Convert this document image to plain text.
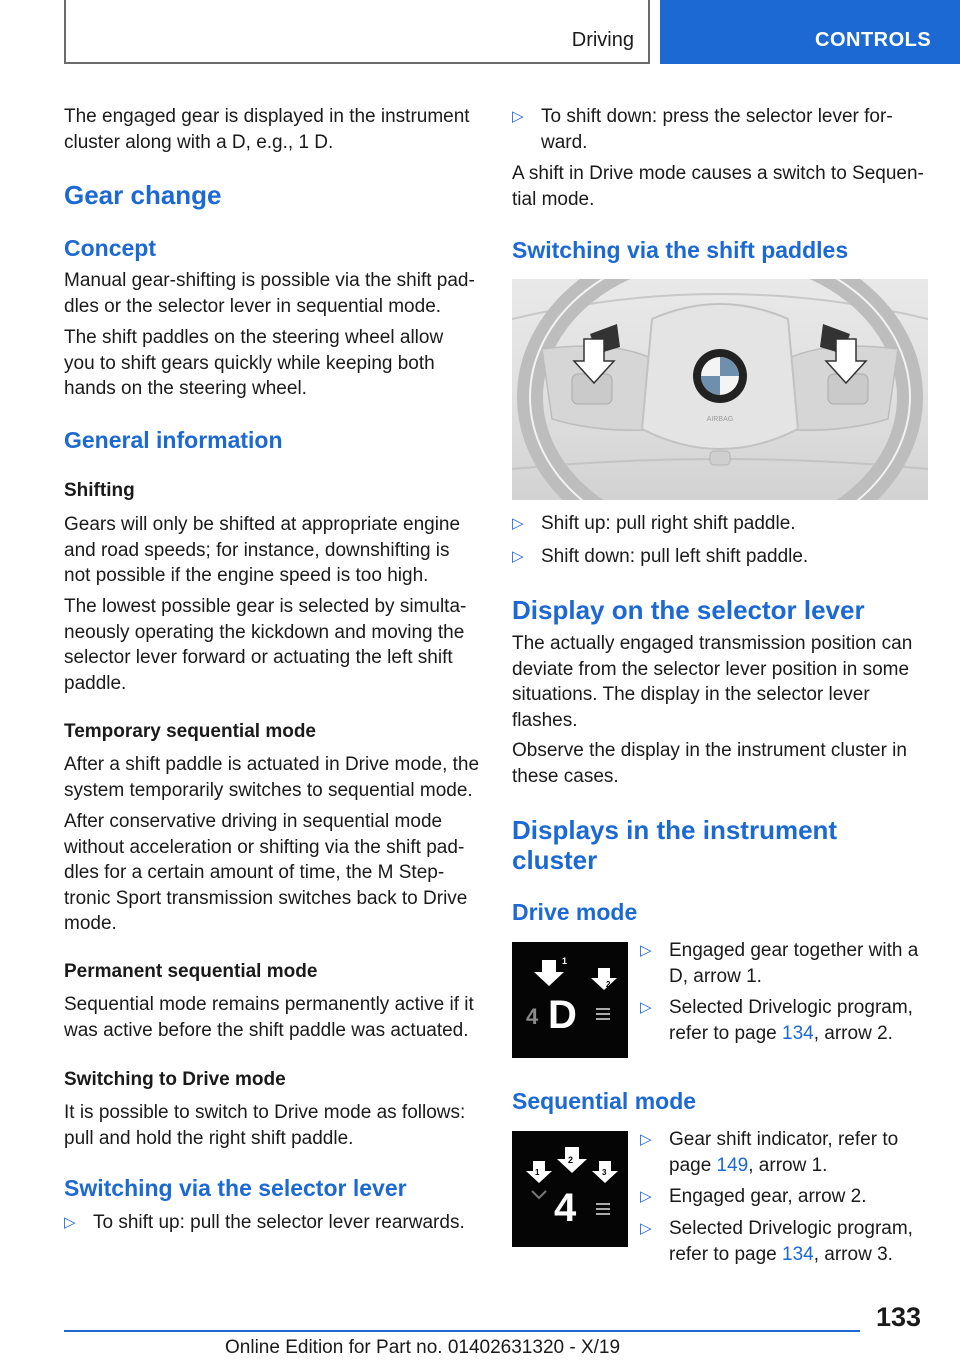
Driving	CONTROLS
The engaged gear is displayed in the instrument cluster along with a D, e.g., 1 D.
Gear change
Concept
Manual gear-shifting is possible via the shift paddles or the selector lever in sequential mode.
The shift paddles on the steering wheel allow you to shift gears quickly while keeping both hands on the steering wheel.
General information
Shifting
Gears will only be shifted at appropriate engine and road speeds; for instance, downshifting is not possible if the engine speed is too high.
The lowest possible gear is selected by simultaneously operating the kickdown and moving the selector lever forward or actuating the left shift paddle.
Temporary sequential mode
After a shift paddle is actuated in Drive mode, the system temporarily switches to sequential mode.
After conservative driving in sequential mode without acceleration or shifting via the shift paddles for a certain amount of time, the M Steptronic Sport transmission switches back to Drive mode.
Permanent sequential mode
Sequential mode remains permanently active if it was active before the shift paddle was actuated.
Switching to Drive mode
It is possible to switch to Drive mode as follows: pull and hold the right shift paddle.
Switching via the selector lever
▷ To shift up: pull the selector lever rearwards.
▷ To shift down: press the selector lever forward.
A shift in Drive mode causes a switch to Sequential mode.
Switching via the shift paddles
AIRBAG
▷ Shift up: pull right shift paddle.
▷ Shift down: pull left shift paddle.
Display on the selector lever
The actually engaged transmission position can deviate from the selector lever position in some situations. The display in the selector lever flashes.
Observe the display in the instrument cluster in these cases.
Displays in the instrument
cluster
Drive mode
1
2
4 D
▷ Engaged gear together with a D, arrow 1.
▷ Selected Drivelogic program, refer to page 134, arrow 2.
Sequential mode
1
2
3
4
▷ Gear shift indicator, refer to page 149, arrow 1.
▷ Engaged gear, arrow 2.
▷ Selected Drivelogic program, refer to page 134, arrow 3.
133
Online Edition for Part no. 01402631320 - X/19
